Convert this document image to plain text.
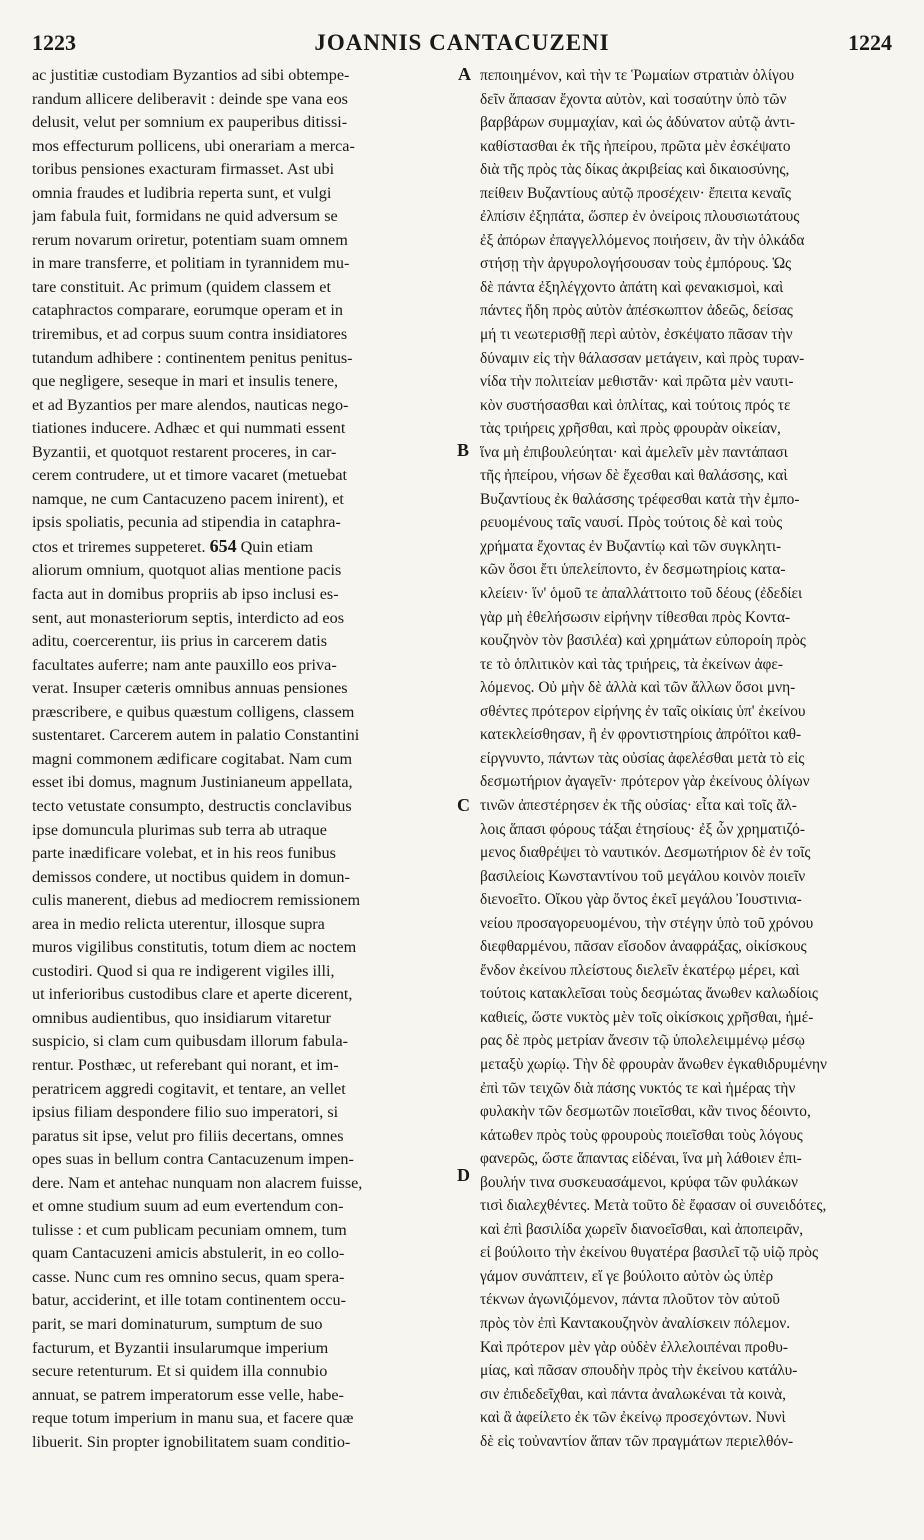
1223	JOANNIS CANTACUZENI	1224
ac justitiæ custodiam Byzantios ad sibi obtempe-
randum allicere deliberavit : deinde spe vana eos
delusit, velut per somnium ex pauperibus ditissi-
mos effecturum pollicens, ubi onerariam a merca-
toribus pensiones exacturam firmasset. Ast ubi
omnia fraudes et ludibria reperta sunt, et vulgi
jam fabula fuit, formidans ne quid adversum se
rerum novarum oriretur, potentiam suam omnem
in mare transferre, et politiam in tyrannidem mu-
tare constituit. Ac primum (quidem classem et
cataphractos comparare, eorumque operam et in
triremibus, et ad corpus suum contra insidiatores
tutandum adhibere : continentem penitus penitus-
que negligere, seseque in mari et insulis tenere,
et ad Byzantios per mare alendos, nauticas nego-
tiationes inducere. Adhæc et qui nummati essent
Byzantii, et quotquot restarent proceres, in car-
cerem contrudere, ut et timore vacaret (metuebat
namque, ne cum Cantacuzeno pacem inirent), et
ipsis spoliatis, pecunia ad stipendia in cataphra-
ctos et triremes suppeteret. 654 Quin etiam
aliorum omnium, quotquot alias mentione pacis
facta aut in domibus propriis ab ipso inclusi es-
sent, aut monasteriorum septis, interdicto ad eos
aditu, coercerentur, iis prius in carcerem datis
facultates auferre; nam ante pauxillo eos priva-
verat. Insuper cæteris omnibus annuas pensiones
præscribere, e quibus quæstum colligens, classem
sustentaret. Carcerem autem in palatio Constantini
magni commonem ædificare cogitabat. Nam cum
esset ibi domus, magnum Justinianeum appellata,
tecto vetustate consumpto, destructis conclavibus
ipse domuncula plurimas sub terra ab utraque
parte inædificare volebat, et in his reos funibus
demissos condere, ut noctibus quidem in domun-
culis manerent, diebus ad mediocrem remissionem
area in medio relicta uterentur, illosque supra
muros vigilibus constitutis, totum diem ac noctem
custodiri. Quod si qua re indigerent vigiles illi,
ut inferioribus custodibus clare et aperte dicerent,
omnibus audientibus, quo insidiarum vitaretur
suspicio, si clam cum quibusdam illorum fabula-
rentur. Posthæc, ut referebant qui norant, et im-
peratricem aggredi cogitavit, et tentare, an vellet
ipsius filiam despondere filio suo imperatori, si
paratus sit ipse, velut pro filiis decertans, omnes
opes suas in bellum contra Cantacuzenum impen-
dere. Nam et antehac nunquam non alacrem fuisse,
et omne studium suum ad eum evertendum con-
tulisse : et cum publicam pecuniam omnem, tum
quam Cantacuzeni amicis abstulerit, in eo collo-
casse. Nunc cum res omnino secus, quam spera-
batur, acciderint, et ille totam continentem occu-
parit, se mari dominaturum, sumptum de suo
facturum, et Byzantii insularumque imperium
secure retenturum. Et si quidem illa connubio
annuat, se patrem imperatorum esse velle, habe-
reque totum imperium in manu sua, et facere quæ
libuerit. Sin propter ignobilitatem suam conditio-
πεποιημένον, καὶ τὴν τε Ῥωμαίων στρατιὰν ὀλίγου
δεῖν ἅπασαν ἔχοντα αὐτὸν, καὶ τοσαύτην ὑπὸ τῶν
βαρβάρων συμμαχίαν, καὶ ὡς ἀδύνατον αὐτῷ ἀντι-
καθίστασθαι ἐκ τῆς ἠπείρου, πρῶτα μὲν ἐσκέψατο
διὰ τῆς πρὸς τὰς δίκας ἀκριβείας καὶ δικαιοσύνης,
πείθειν Βυζαντίους αὐτῷ προσέχειν· ἔπειτα κεναῖς
ἐλπίσιν ἐξηπάτα, ὥσπερ ἐν ὀνείροις πλουσιωτάτους
ἐξ ἀπόρων ἐπαγγελλόμενος ποιήσειν, ἂν τὴν ὁλκάδα
στήσῃ τὴν ἀργυρολογήσουσαν τοὺς ἐμπόρους. Ὡς
δὲ πάντα ἐξηλέγχοντο ἀπάτη καὶ φενακισμοὶ, καὶ
πάντες ἤδη πρὸς αὐτὸν ἀπέσκωπτον ἀδεῶς, δείσας
μή τι νεωτερισθῇ περὶ αὐτὸν, ἐσκέψατο πᾶσαν τὴν
δύναμιν εἰς τὴν θάλασσαν μετάγειν, καὶ πρὸς τυραν-
νίδα τὴν πολιτείαν μεθιστᾶν· καὶ πρῶτα μὲν ναυτι-
κὸν συστήσασθαι καὶ ὁπλίτας, καὶ τούτοις πρός τε
τὰς τριήρεις χρῆσθαι, καὶ πρὸς φρουρὰν οἰκείαν,
ἵνα μὴ ἐπιβουλεύηται· καὶ ἀμελεῖν μὲν παντάπασι
τῆς ἠπείρου, νήσων δὲ ἔχεσθαι καὶ θαλάσσης, καὶ
Βυζαντίους ἐκ θαλάσσης τρέφεσθαι κατὰ τὴν ἐμπο-
ρευομένους ταῖς ναυσί. Πρὸς τούτοις δὲ καὶ τοὺς
χρήματα ἔχοντας ἐν Βυζαντίῳ καὶ τῶν συγκλητι-
κῶν ὅσοι ἔτι ὑπελείποντο, ἐν δεσμωτηρίοις κατα-
κλείειν· ἵν' ὁμοῦ τε ἀπαλλάττοιτο τοῦ δέους (ἐδεδίει
γὰρ μὴ ἐθελήσωσιν εἰρήνην τίθεσθαι πρὸς Κοντα-
κουζηνὸν τὸν βασιλέα) καὶ χρημάτων εὐποροίη πρὸς
τε τὸ ὁπλιτικὸν καὶ τὰς τριήρεις, τὰ ἐκείνων ἀφε-
λόμενος. Οὐ μὴν δὲ ἀλλὰ καὶ τῶν ἄλλων ὅσοι μνη-
σθέντες πρότερον εἰρήνης ἐν ταῖς οἰκίαις ὑπ' ἐκείνου
κατεκλείσθησαν, ἢ ἐν φροντιστηρίοις ἀπρόϊτοι καθ-
είργνυντο, πάντων τὰς οὐσίας ἀφελέσθαι μετὰ τὸ εἰς
δεσμωτήριον ἀγαγεῖν· πρότερον γὰρ ἐκείνους ὀλίγων
τινῶν ἀπεστέρησεν ἐκ τῆς οὐσίας· εἶτα καὶ τοῖς ἄλ-
λοις ἅπασι φόρους τάξαι ἐτησίους· ἐξ ὧν χρηματιζό-
μενος διαθρέψει τὸ ναυτικόν. Δεσμωτήριον δὲ ἐν τοῖς
βασιλείοις Κωνσταντίνου τοῦ μεγάλου κοινὸν ποιεῖν
διενοεῖτο. Οἴκου γὰρ ὄντος ἐκεῖ μεγάλου Ἰουστινια-
νείου προσαγορευομένου, τὴν στέγην ὑπὸ τοῦ χρόνου
διεφθαρμένου, πᾶσαν εἴσοδον ἀναφράξας, οἰκίσκους
ἔνδον ἐκείνου πλείστους διελεῖν ἑκατέρῳ μέρει, καὶ
τούτοις κατακλεῖσαι τοὺς δεσμώτας ἄνωθεν καλωδίοις
καθιείς, ὥστε νυκτὸς μὲν τοῖς οἰκίσκοις χρῆσθαι, ἡμέ-
ρας δὲ πρὸς μετρίαν ἄνεσιν τῷ ὑπολελειμμένῳ μέσῳ
μεταξὺ χωρίῳ. Τὴν δὲ φρουρὰν ἄνωθεν ἐγκαθιδρυμένην
ἐπὶ τῶν τειχῶν διὰ πάσης νυκτός τε καὶ ἡμέρας τὴν
φυλακὴν τῶν δεσμωτῶν ποιεῖσθαι, κἂν τινος δέοιντο,
κάτωθεν πρὸς τοὺς φρουροὺς ποιεῖσθαι τοὺς λόγους
φανερῶς, ὥστε ἅπαντας εἰδέναι, ἵνα μὴ λάθοιεν ἐπι-
βουλήν τινα συσκευασάμενοι, κρύφα τῶν φυλάκων
τισὶ διαλεχθέντες. Μετὰ τοῦτο δὲ ἔφασαν οἱ συνειδότες,
καὶ ἐπὶ βασιλίδα χωρεῖν διανοεῖσθαι, καὶ ἀποπειρᾶν,
εἰ βούλοιτο τὴν ἐκείνου θυγατέρα βασιλεῖ τῷ υἱῷ πρὸς
γάμον συνάπτειν, εἴ γε βούλοιτο αὐτὸν ὡς ὑπὲρ
τέκνων ἀγωνιζόμενον, πάντα πλοῦτον τὸν αὐτοῦ
πρὸς τὸν ἐπὶ Καντακουζηνὸν ἀναλίσκειν πόλεμον.
Καὶ πρότερον μὲν γὰρ οὐδὲν ἐλλελοιπέναι προθυ-
μίας, καὶ πᾶσαν σπουδὴν πρὸς τὴν ἐκείνου κατάλυ-
σιν ἐπιδεδεῖχθαι, καὶ πάντα ἀναλωκέναι τὰ κοινὰ,
καὶ ἃ ἀφείλετο ἐκ τῶν ἐκείνῳ προσεχόντων. Νυνὶ
δὲ εἰς τοὐναντίον ἅπαν τῶν πραγμάτων περιελθόν-
A
B
C
D
